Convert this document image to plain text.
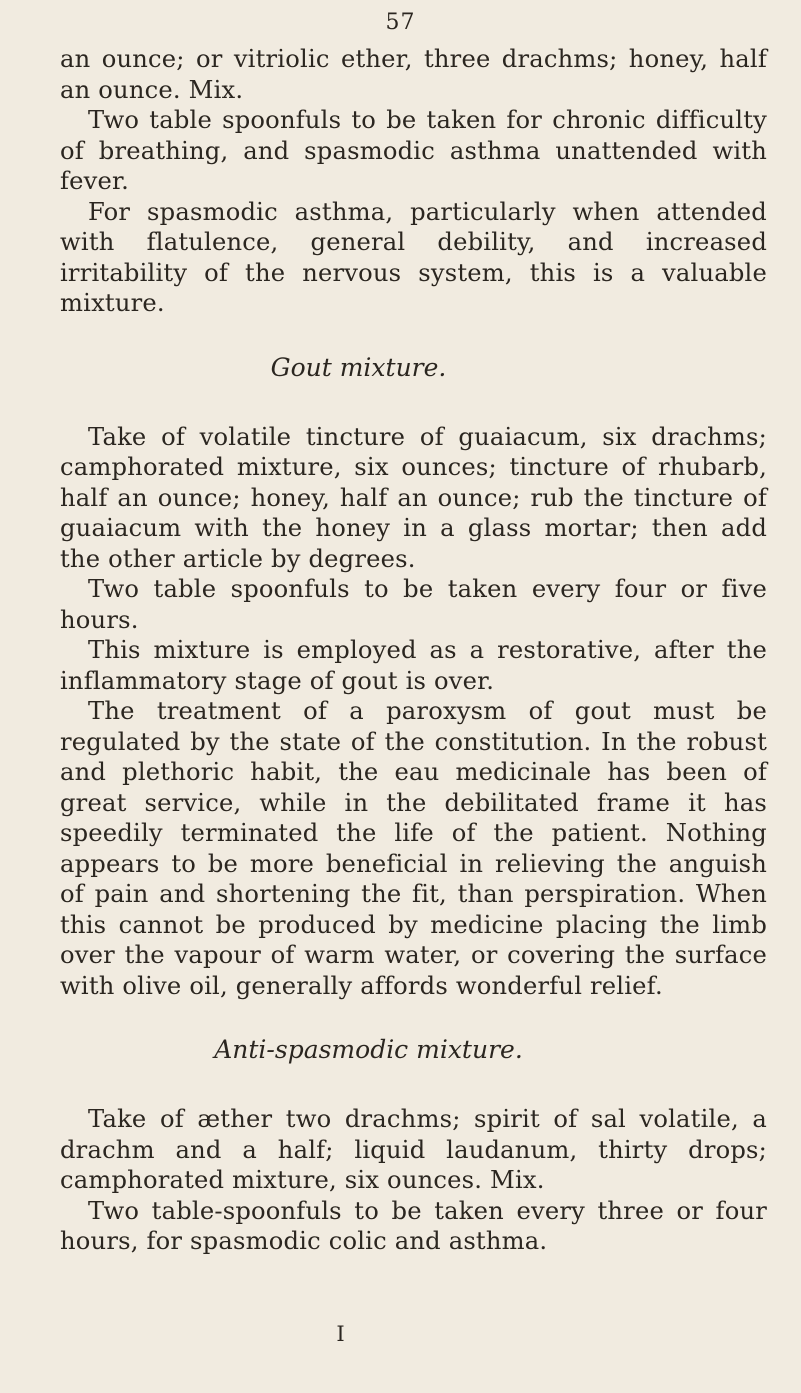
57

an ounce; or vitriolic ether, three drachms; honey, half an ounce. Mix.

Two table spoonfuls to be taken for chronic difficulty of breathing, and spasmodic asthma unattended with fever.

For spasmodic asthma, particularly when attended with flatulence, general debility, and increased irritability of the nervous system, this is a valuable mixture.

Gout mixture.

Take of volatile tincture of guaiacum, six drachms; camphorated mixture, six ounces; tincture of rhubarb, half an ounce; honey, half an ounce; rub the tincture of guaiacum with the honey in a glass mortar; then add the other article by degrees.

Two table spoonfuls to be taken every four or five hours.

This mixture is employed as a restorative, after the inflammatory stage of gout is over.

The treatment of a paroxysm of gout must be regulated by the state of the constitution. In the robust and plethoric habit, the eau medicinale has been of great service, while in the debilitated frame it has speedily terminated the life of the patient. Nothing appears to be more beneficial in relieving the anguish of pain and shortening the fit, than perspiration. When this cannot be produced by medicine placing the limb over the vapour of warm water, or covering the surface with olive oil, generally affords wonderful relief.

Anti-spasmodic mixture.

Take of æther two drachms; spirit of sal volatile, a drachm and a half; liquid laudanum, thirty drops; camphorated mixture, six ounces. Mix.

Two table-spoonfuls to be taken every three or four hours, for spasmodic colic and asthma.

I
